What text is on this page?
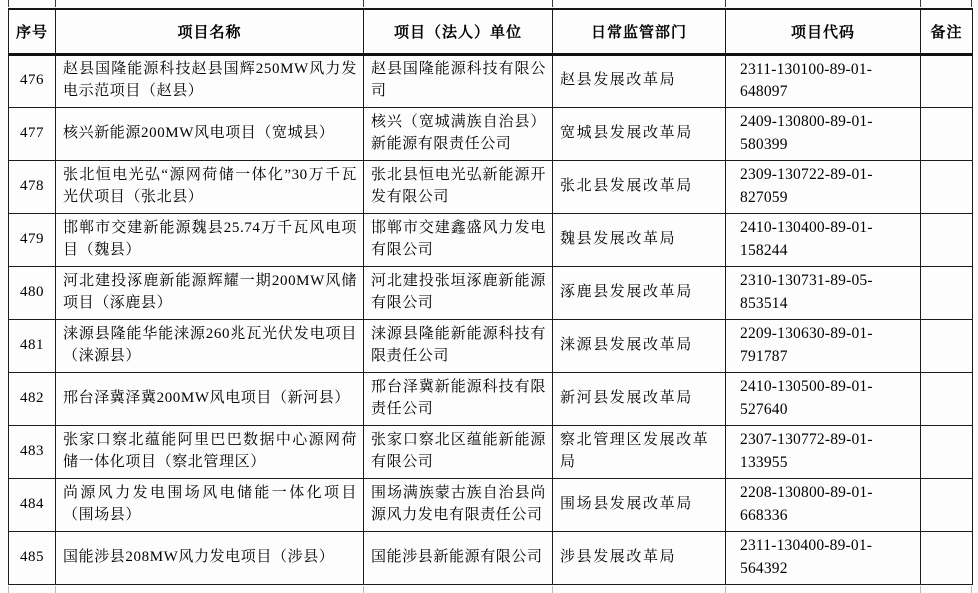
序号	项目名称	项目（法人）单位	日常监管部门	项目代码	备注
476	赵县国隆能源科技赵县国辉250MW风力发电示范项目（赵县）	赵县国隆能源科技有限公司	赵县发展改革局	2311-130100-89-01-648097	
477	核兴新能源200MW风电项目（宽城县）	核兴（宽城满族自治县）新能源有限责任公司	宽城县发展改革局	2409-130800-89-01-580399	
478	张北恒电光弘“源网荷储一体化”30万千瓦光伏项目（张北县）	张北县恒电光弘新能源开发有限公司	张北县发展改革局	2309-130722-89-01-827059	
479	邯郸市交建新能源魏县25.74万千瓦风电项目（魏县）	邯郸市交建鑫盛风力发电有限公司	魏县发展改革局	2410-130400-89-01-158244	
480	河北建投涿鹿新能源辉耀一期200MW风储项目（涿鹿县）	河北建投张垣涿鹿新能源有限公司	涿鹿县发展改革局	2310-130731-89-05-853514	
481	涞源县隆能华能涞源260兆瓦光伏发电项目（涞源县）	涞源县隆能新能源科技有限责任公司	涞源县发展改革局	2209-130630-89-01-791787	
482	邢台泽冀泽冀200MW风电项目（新河县）	邢台泽冀新能源科技有限责任公司	新河县发展改革局	2410-130500-89-01-527640	
483	张家口察北蕴能阿里巴巴数据中心源网荷储一体化项目（察北管理区）	张家口察北区蕴能新能源有限公司	察北管理区发展改革局	2307-130772-89-01-133955	
484	尚源风力发电围场风电储能一体化项目 （围场县）	围场满族蒙古族自治县尚源风力发电有限责任公司	围场县发展改革局	2208-130800-89-01-668336	
485	国能涉县208MW风力发电项目（涉县）	国能涉县新能源有限公司	涉县发展改革局	2311-130400-89-01-564392	
